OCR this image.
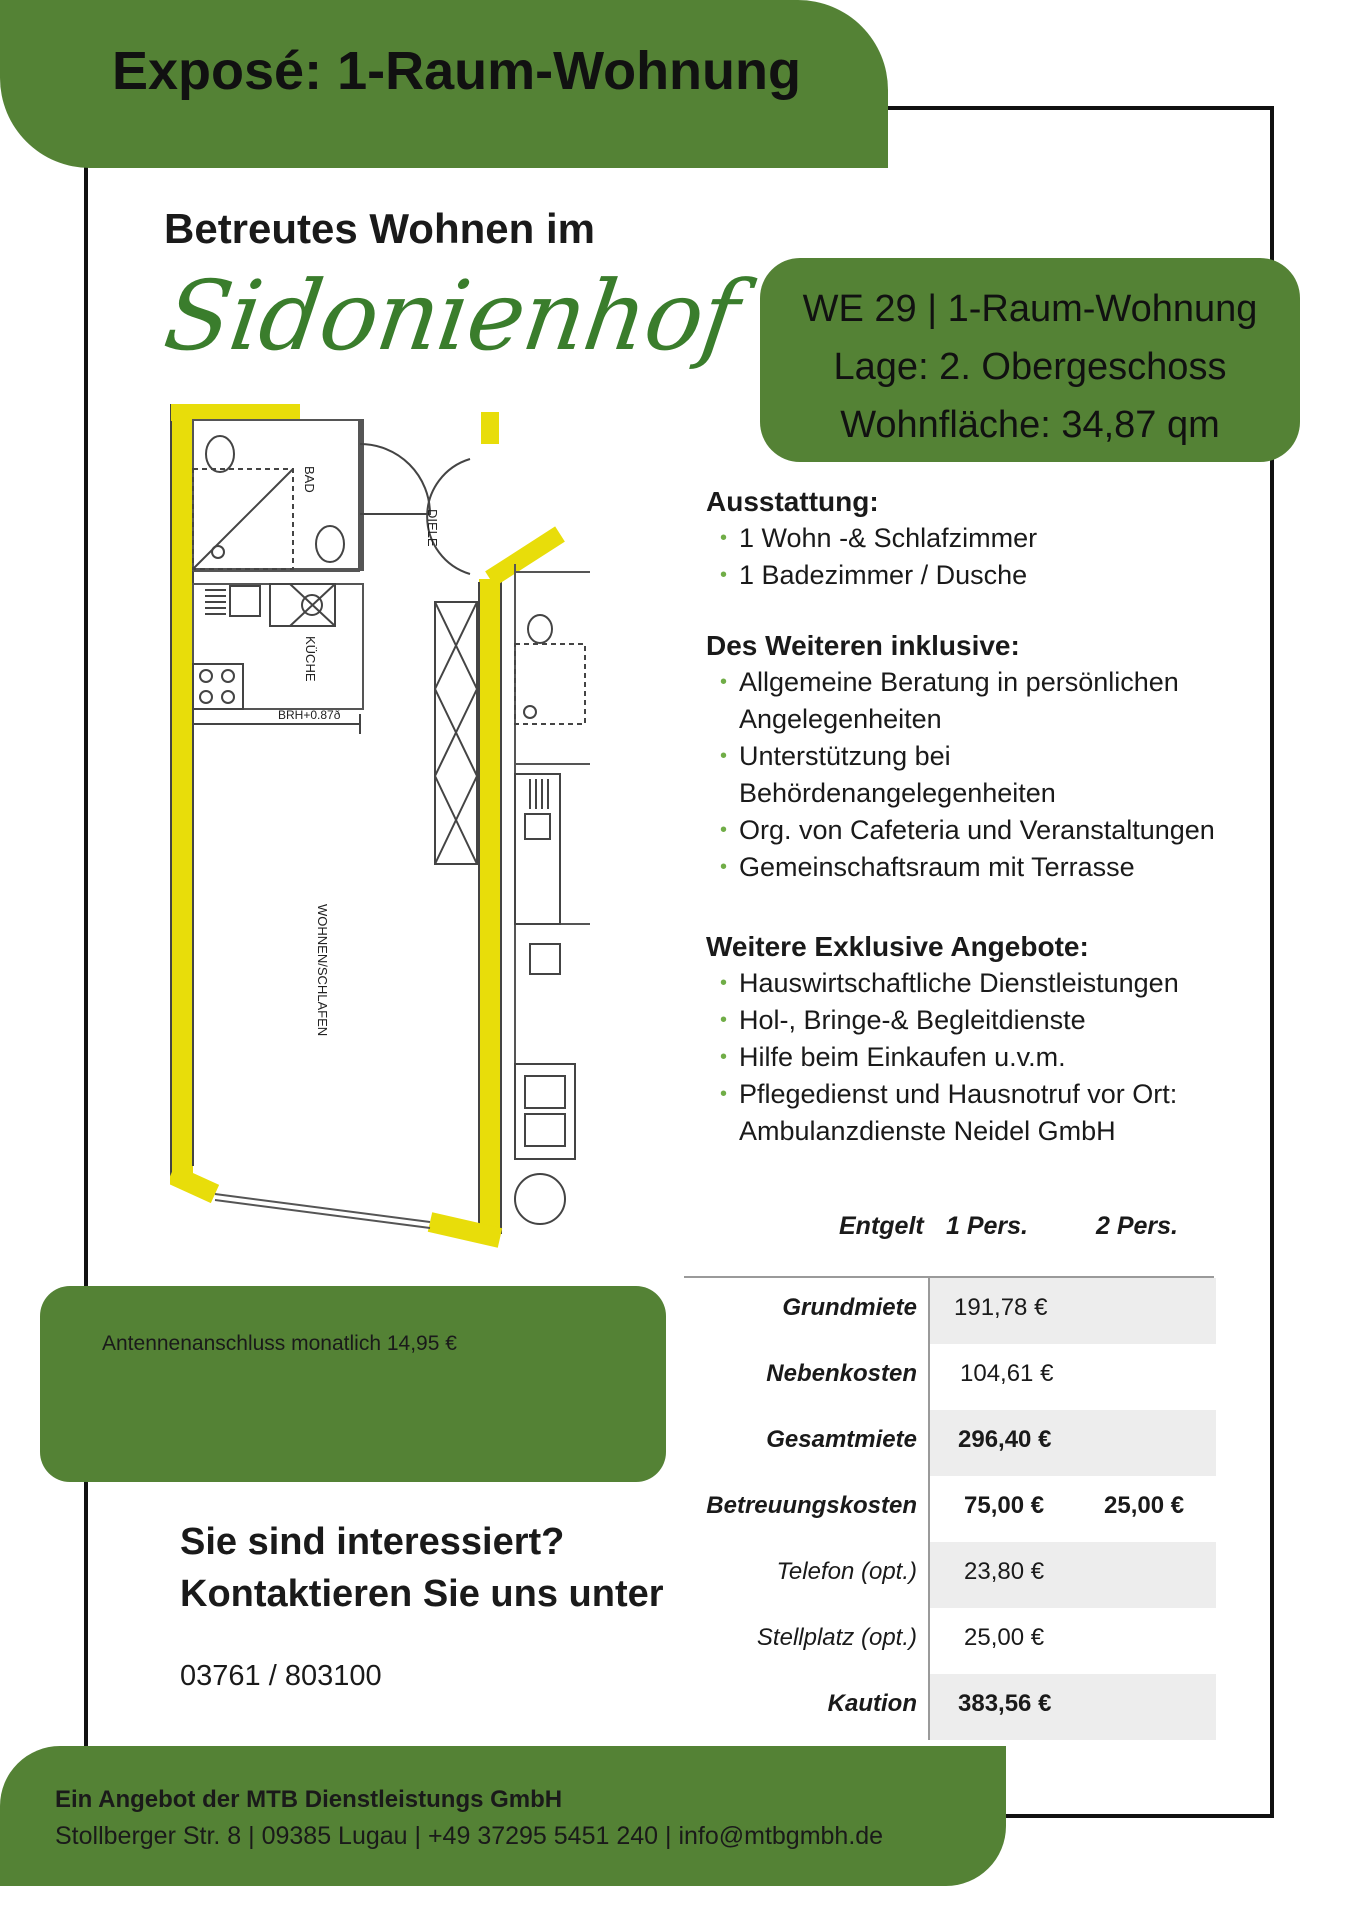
Exposé: 1-Raum-Wohnung
Betreutes Wohnen im
Sidonienhof	WE 29 | 1-Raum-Wohnung
Lage: 2. Obergeschoss
Wohnfläche: 34,87 qm
BAD
DIELE
KÜCHE
BRH+0.87ð
WOHNEN/SCHLAFEN
Ausstattung:
• 1 Wohn -& Schlafzimmer
• 1 Badezimmer / Dusche
Des Weiteren inklusive:
• Allgemeine Beratung in persönlichen
Angelegenheiten
• Unterstützung bei
Behördenangelegenheiten
• Org. von Cafeteria und Veranstaltungen
• Gemeinschaftsraum mit Terrasse
Weitere Exklusive Angebote:
• Hauswirtschaftliche Dienstleistungen
• Hol-, Bringe-& Begleitdienste
• Hilfe beim Einkaufen u.v.m.
• Pflegedienst und Hausnotruf vor Ort:
Ambulanzdienste Neidel GmbH
Entgelt 1 Pers.	2 Pers.
191,78 €
Grundmiete
104,61 €
Nebenkosten
296,40 €
Gesamtmiete
75,00 € 25,00 €
Betreuungskosten
23,80 €
Telefon (opt.)
25,00 €
Stellplatz (opt.)
383,56 €
Kaution
Antennenanschluss monatlich 14,95 €
Sie sind interessiert?
Kontaktieren Sie uns unter
03761 / 803100
Ein Angebot der MTB Dienstleistungs GmbH
Stollberger Str. 8 | 09385 Lugau | +49 37295 5451 240 | info@mtbgmbh.de
